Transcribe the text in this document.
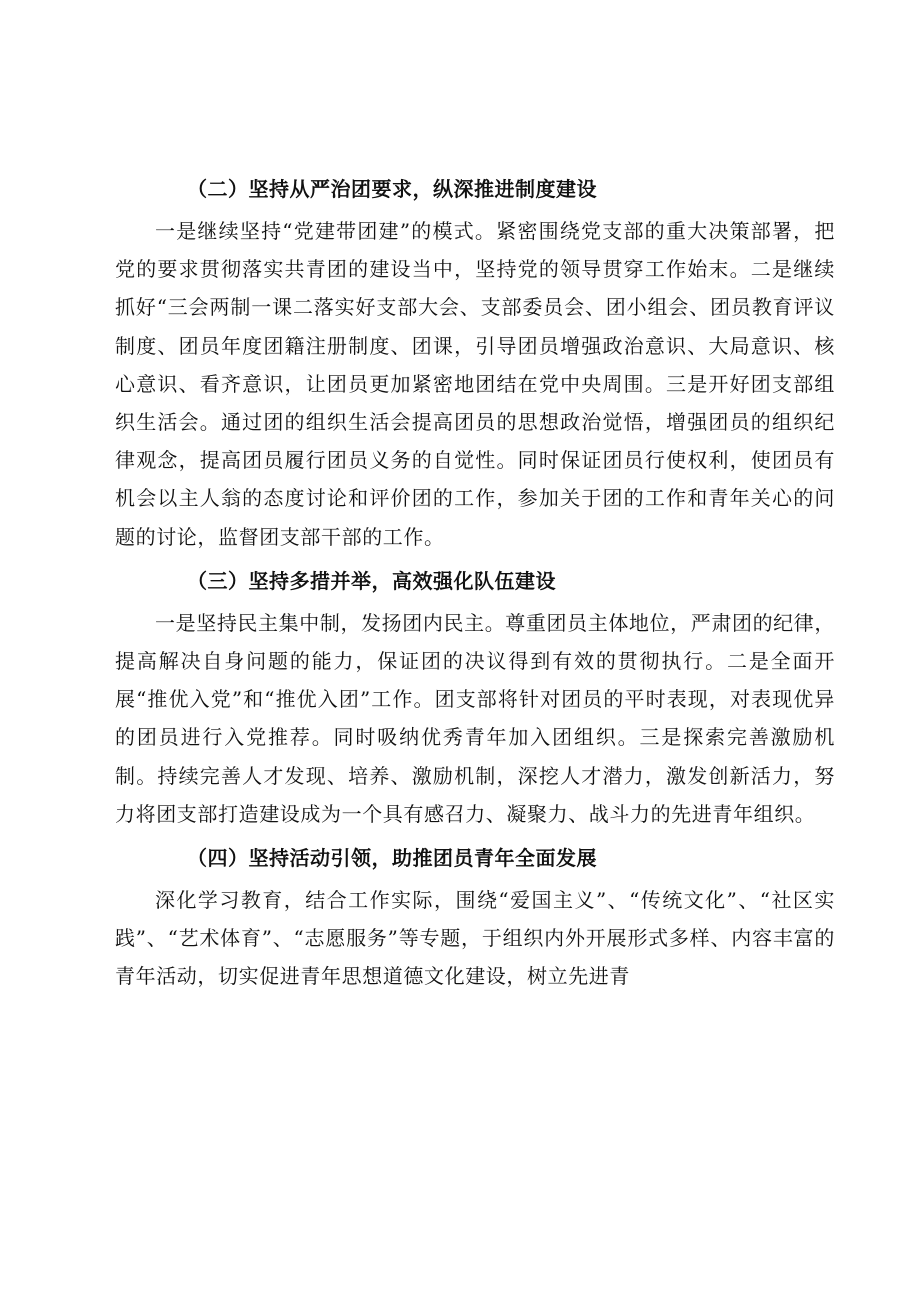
（二）坚持从严治团要求，纵深推进制度建设

一是继续坚持“党建带团建”的模式。紧密围绕党支部的重大决策部署，把党的要求贯彻落实共青团的建设当中，坚持党的领导贯穿工作始末。二是继续抓好“三会两制一课二落实好支部大会、支部委员会、团小组会、团员教育评议制度、团员年度团籍注册制度、团课，引导团员增强政治意识、大局意识、核心意识、看齐意识，让团员更加紧密地团结在党中央周围。三是开好团支部组织生活会。通过团的组织生活会提高团员的思想政治觉悟，增强团员的组织纪律观念，提高团员履行团员义务的自觉性。同时保证团员行使权利，使团员有机会以主人翁的态度讨论和评价团的工作，参加关于团的工作和青年关心的问题的讨论，监督团支部干部的工作。

（三）坚持多措并举，高效强化队伍建设

一是坚持民主集中制，发扬团内民主。尊重团员主体地位，严肃团的纪律，提高解决自身问题的能力，保证团的决议得到有效的贯彻执行。二是全面开展“推优入党”和“推优入团”工作。团支部将针对团员的平时表现，对表现优异的团员进行入党推荐。同时吸纳优秀青年加入团组织。三是探索完善激励机制。持续完善人才发现、培养、激励机制，深挖人才潜力，激发创新活力，努力将团支部打造建设成为一个具有感召力、凝聚力、战斗力的先进青年组织。

（四）坚持活动引领，助推团员青年全面发展

深化学习教育，结合工作实际，围绕“爱国主义”、“传统文化”、“社区实践”、“艺术体育”、“志愿服务”等专题，于组织内外开展形式多样、内容丰富的青年活动，切实促进青年思想道德文化建设，树立先进青
